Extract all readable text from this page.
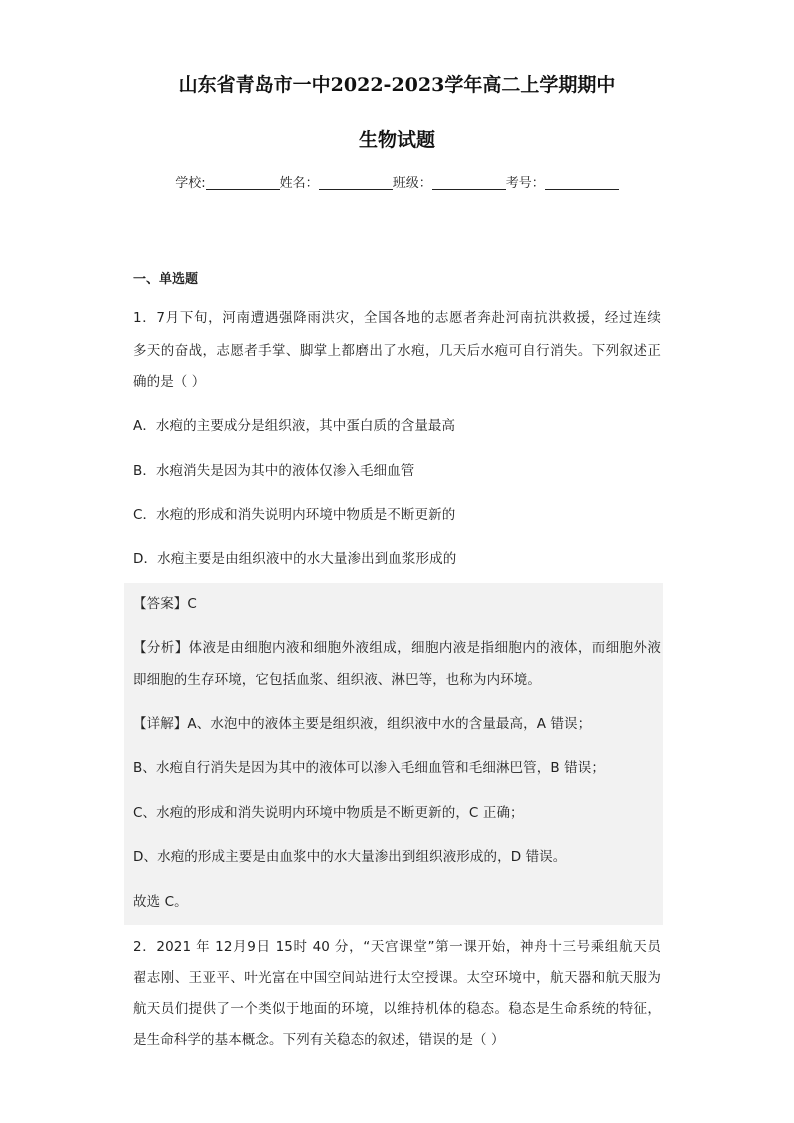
山东省青岛市一中2022-2023学年高二上学期期中
生物试题
学校:	姓名：	班级：	考号：
一、单选题
1．7月下旬，河南遭遇强降雨洪灾，全国各地的志愿者奔赴河南抗洪救援，经过连续
多天的奋战，志愿者手掌、脚掌上都磨出了水疱，几天后水疱可自行消失。下列叙述正
确的是（ ）
A．水疱的主要成分是组织液，其中蛋白质的含量最高
B．水疱消失是因为其中的液体仅渗入毛细血管
C．水疱的形成和消失说明内环境中物质是不断更新的
D．水疱主要是由组织液中的水大量渗出到血浆形成的
【答案】C
【分析】体液是由细胞内液和细胞外液组成，细胞内液是指细胞内的液体，而细胞外液
即细胞的生存环境，它包括血浆、组织液、淋巴等，也称为内环境。
【详解】A、水泡中的液体主要是组织液，组织液中水的含量最高，A 错误；
B、水疱自行消失是因为其中的液体可以渗入毛细血管和毛细淋巴管，B 错误；
C、水疱的形成和消失说明内环境中物质是不断更新的，C 正确；
D、水疱的形成主要是由血浆中的水大量渗出到组织液形成的，D 错误。
故选 C。
2．2021 年 12月9日 15时 40 分，“天宫课堂”第一课开始，神舟十三号乘组航天员
翟志刚、王亚平、叶光富在中国空间站进行太空授课。太空环境中，航天器和航天服为
航天员们提供了一个类似于地面的环境，以维持机体的稳态。稳态是生命系统的特征，
是生命科学的基本概念。下列有关稳态的叙述，错误的是（ ）
